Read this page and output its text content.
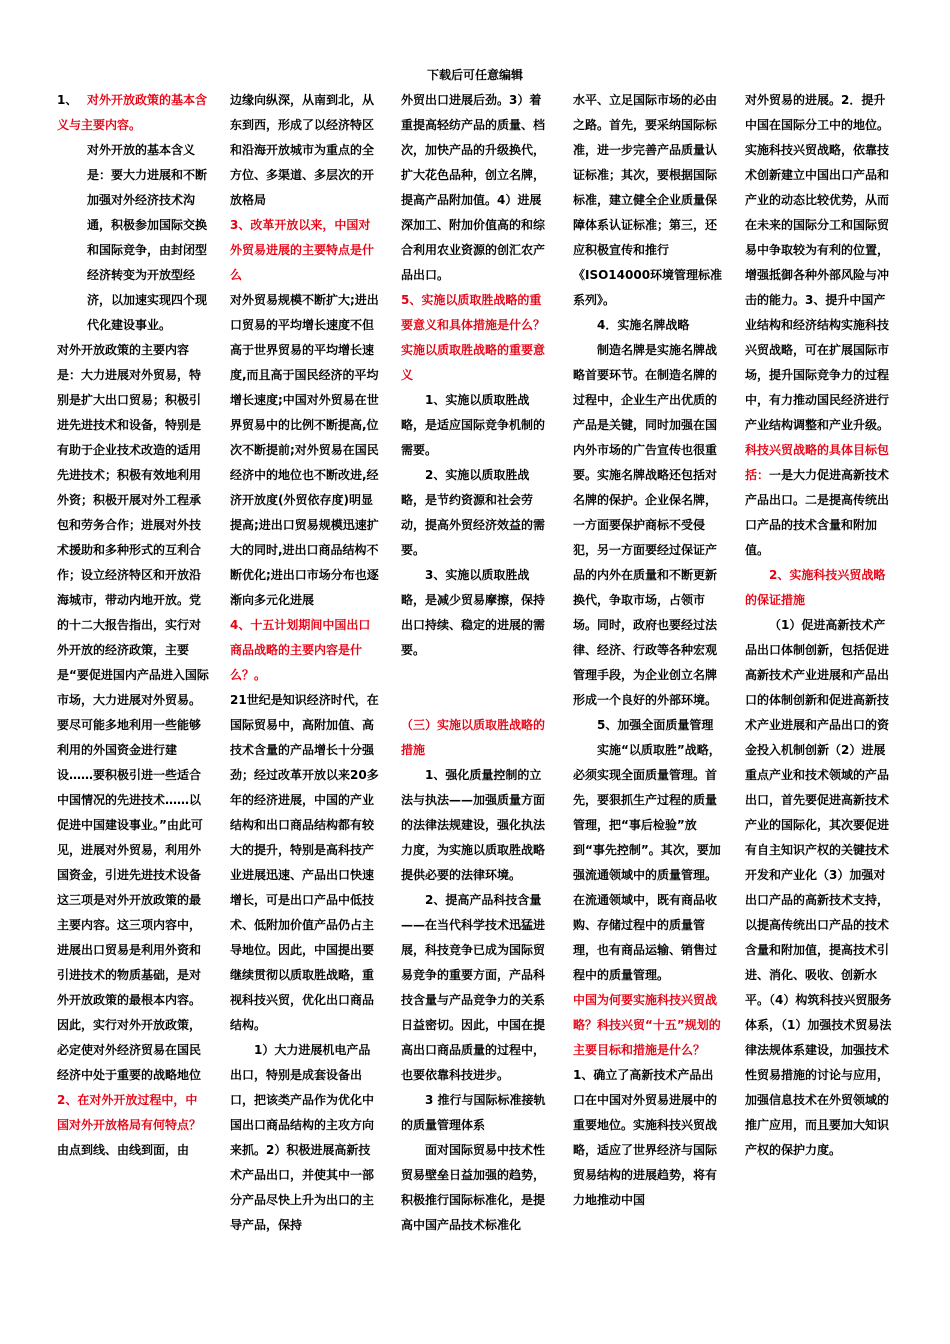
下载后可任意编辑

1、 对外开放政策的基本含义与主要内容。

对外开放的基本含义是：要大力进展和不断加强对外经济技术沟通，积极参加国际交换和国际竞争，由封闭型经济转变为开放型经济，以加速实现四个现代化建设事业。

对外开放政策的主要内容是：大力进展对外贸易，特别是扩大出口贸易；积极引进先进技术和设备，特别是有助于企业技术改造的适用先进技术；积极有效地利用外资；积极开展对外工程承包和劳务合作；进展对外技术援助和多种形式的互利合作；设立经济特区和开放沿海城市，带动内地开放。党的十二大报告指出，实行对外开放的经济政策，主要是“要促进国内产品进入国际市场，大力进展对外贸易。要尽可能多地利用一些能够利用的外国资金进行建设……要积极引进一些适合中国情况的先进技术……以促进中国建设事业。”由此可见，进展对外贸易，利用外国资金，引进先进技术设备这三项是对外开放政策的最主要内容。这三项内容中，进展出口贸易是利用外资和引进技术的物质基础，是对外开放政策的最根本内容。因此，实行对外开放政策，必定使对外经济贸易在国民经济中处于重要的战略地位

2、在对外开放过程中，中国对外开放格局有何特点？

由点到线、由线到面，由

边缘向纵深，从南到北，从东到西，形成了以经济特区和沿海开放城市为重点的全方位、多渠道、多层次的开放格局

3、改革开放以来，中国对外贸易进展的主要特点是什么

对外贸易规模不断扩大;进出口贸易的平均增长速度不但高于世界贸易的平均增长速度,而且高于国民经济的平均增长速度;中国对外贸易在世界贸易中的比例不断提高,位次不断提前;对外贸易在国民经济中的地位也不断改进,经济开放度(外贸依存度)明显提高;进出口贸易规模迅速扩大的同时,进出口商品结构不断优化;进出口市场分布也逐渐向多元化进展

4、十五计划期间中国出口商品战略的主要内容是什么？。

21世纪是知识经济时代，在国际贸易中，高附加值、高技术含量的产品增长十分强劲；经过改革开放以来20多年的经济进展，中国的产业结构和出口商品结构都有较大的提升，特别是高科技产业进展迅速、产品出口快速增长，可是出口产品中低技术、低附加价值产品仍占主导地位。因此，中国提出要继续贯彻以质取胜战略，重视科技兴贸，优化出口商品结构。

1）大力进展机电产品出口，特别是成套设备出口，把该类产品作为优化中国出口商品结构的主攻方向来抓。2）积极进展高新技术产品出口，并使其中一部分产品尽快上升为出口的主导产品，保持

外贸出口进展后劲。3）着重提高轻纺产品的质量、档次，加快产品的升级换代，扩大花色品种，创立名牌，提高产品附加值。4）进展深加工、附加价值高的和综合利用农业资源的创汇农产品出口。

5、实施以质取胜战略的重要意义和具体措施是什么？

实施以质取胜战略的重要意义

1、实施以质取胜战略，是适应国际竞争机制的需要。

2、实施以质取胜战略，是节约资源和社会劳动，提高外贸经济效益的需要。

3、实施以质取胜战略，是减少贸易摩擦，保持出口持续、稳定的进展的需要。

（三）实施以质取胜战略的措施

1、强化质量控制的立法与执法——加强质量方面的法律法规建设，强化执法力度，为实施以质取胜战略提供必要的法律环境。

2、提高产品科技含量——在当代科学技术迅猛进展，科技竞争已成为国际贸易竞争的重要方面，产品科技含量与产品竞争力的关系日益密切。因此，中国在提高出口商品质量的过程中，也要依靠科技进步。

3 推行与国际标准接轨的质量管理体系

面对国际贸易中技术性贸易壁垒日益加强的趋势，积极推行国际标准化，是提高中国产品技术标准化

水平、立足国际市场的必由之路。首先，要采纳国际标准，进一步完善产品质量认证标准；其次，要根据国际标准，建立健全企业质量保障体系认证标准；第三，还应积极宣传和推行《ISO14000环境管理标准系列》。

4．实施名牌战略

制造名牌是实施名牌战略首要环节。在制造名牌的过程中，企业生产出优质的产品是关键，同时加强在国内外市场的广告宣传也很重要。实施名牌战略还包括对名牌的保护。企业保名牌，一方面要保护商标不受侵犯，另一方面要经过保证产品的内外在质量和不断更新换代，争取市场，占领市场。同时，政府也要经过法律、经济、行政等各种宏观管理手段，为企业创立名牌形成一个良好的外部环境。

5、加强全面质量管理

实施“以质取胜”战略，必须实现全面质量管理。首先，要狠抓生产过程的质量管理，把“事后检验”放到“事先控制”。其次，要加强流通领域中的质量管理。在流通领域中，既有商品收购、存储过程中的质量管理，也有商品运输、销售过程中的质量管理。

中国为何要实施科技兴贸战略？科技兴贸“十五”规划的主要目标和措施是什么？

1、确立了高新技术产品出口在中国对外贸易进展中的重要地位。实施科技兴贸战略，适应了世界经济与国际贸易结构的进展趋势，将有力地推动中国

对外贸易的进展。2．提升中国在国际分工中的地位。实施科技兴贸战略，依靠技术创新建立中国出口产品和产业的动态比较优势，从而在未来的国际分工和国际贸易中争取较为有利的位置，增强抵御各种外部风险与冲击的能力。3、提升中国产业结构和经济结构实施科技兴贸战略，可在扩展国际市场，提升国际竞争力的过程中，有力推动国民经济进行产业结构调整和产业升级。

科技兴贸战略的具体目标包括：一是大力促进高新技术产品出口。二是提高传统出口产品的技术含量和附加值。

2、实施科技兴贸战略的保证措施

（1）促进高新技术产品出口体制创新，包括促进高新技术产业进展和产品出口的体制创新和促进高新技术产业进展和产品出口的资金投入机制创新（2）进展重点产业和技术领域的产品出口，首先要促进高新技术产业的国际化，其次要促进有自主知识产权的关键技术开发和产业化（3）加强对出口产品的高新技术支持，以提高传统出口产品的技术含量和附加值，提高技术引进、消化、吸收、创新水平。（4）构筑科技兴贸服务体系，（1）加强技术贸易法律法规体系建设，加强技术性贸易措施的讨论与应用，加强信息技术在外贸领域的推广应用，而且要加大知识产权的保护力度。
